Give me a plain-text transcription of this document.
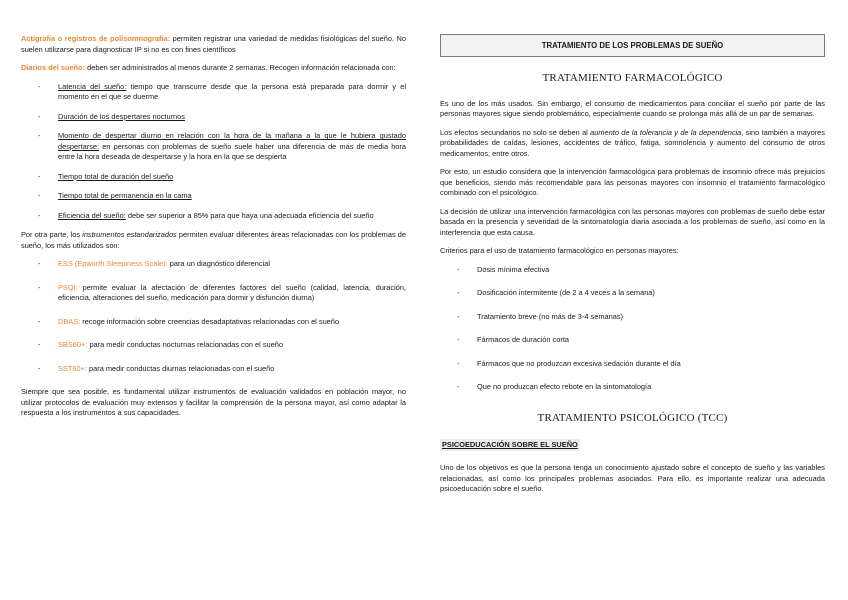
Actigrafía o registros de polisomnografía: permiten registrar una variedad de medidas fisiológicas del sueño. No suelen utilizarse para diagnosticar IP si no es con fines científicos

Diarios del sueño: deben ser administrados al menos durante 2 semanas. Recogen información relacionada con:

- Latencia del sueño: tiempo que transcurre desde que la persona está preparada para dormir y el momento en el que se duerme
- Duración de los despertares nocturnos
- Momento de despertar diurno en relación con la hora de la mañana a la que le hubiera gustado despertarse: en personas con problemas de sueño suele haber una diferencia de más de media hora entre la hora deseada de despertarse y la hora en la que se despierta
- Tiempo total de duración del sueño
- Tiempo total de permanencia en la cama
- Eficiencia del sueño: debe ser superior a 85% para que haya una adecuada eficiencia del sueño

Por otra parte, los instrumentos estandarizados permiten evaluar diferentes áreas relacionadas con los problemas de sueño, los más utilizados son:

- ESS (Epworth Sleepiness Scale): para un diagnóstico diferencial
- PSQI: permite evaluar la afectación de diferentes factores del sueño (calidad, latencia, duración, eficiencia, alteraciones del sueño, medicación para dormir y disfunción diurna)
- DBAS: recoge información sobre creencias desadaptativas relacionadas con el sueño
- SBS60+: para medir conductas nocturnas relacionadas con el sueño
- SST60+: para medir conductas diurnas relacionadas con el sueño

Siempre que sea posible, es fundamental utilizar instrumentos de evaluación validados en población mayor, no utilizar protocolos de evaluación muy extensos y facilitar la comprensión de la persona mayor, así como adaptar la respuesta a los instrumentos a sus capacidades.

TRATAMIENTO DE LOS PROBLEMAS DE SUEÑO
TRATAMIENTO FARMACOLÓGICO

Es uno de los más usados. Sin embargo, el consumo de medicamentos para conciliar el sueño por parte de las personas mayores sigue siendo problemático, especialmente cuando se prolonga más allá de un par de semanas.

Los efectos secundarios no solo se deben al aumento de la tolerancia y de la dependencia, sino también a mayores probabilidades de caídas, lesiones, accidentes de tráfico, fatiga, somnolencia y aumento del consumo de otros medicamentos, entre otros.

Por esto, un estudio considera que la intervención farmacológica para problemas de insomnio ofrece más prejuicios que beneficios, siendo más recomendable para las personas mayores con insomnio el tratamiento farmacológico combinado con el psicológico.

La decisión de utilizar una intervención farmacológica con las personas mayores con problemas de sueño debe estar basada en la presencia y severidad de la sintomatología diaria asociada a los problemas de sueño, así como en la interferencia que esta causa.

Criterios para el uso de tratamiento farmacológico en personas mayores:

- Dosis mínima efectiva
- Dosificación intermitente (de 2 a 4 veces a la semana)
- Tratamiento breve (no más de 3-4 semanas)
- Fármacos de duración corta
- Fármacos que no produzcan excesiva sedación durante el día
- Que no produzcan efecto rebote en la sintomatología
TRATAMIENTO PSICOLÓGICO (TCC)
PSICOEDUCACIÓN SOBRE EL SUEÑO

Uno de los objetivos es que la persona tenga un conocimiento ajustado sobre el concepto de sueño y las variables relacionadas, así como los principales problemas asociados. Para ello, es importante realizar una adecuada psicoeducación sobre el sueño.
